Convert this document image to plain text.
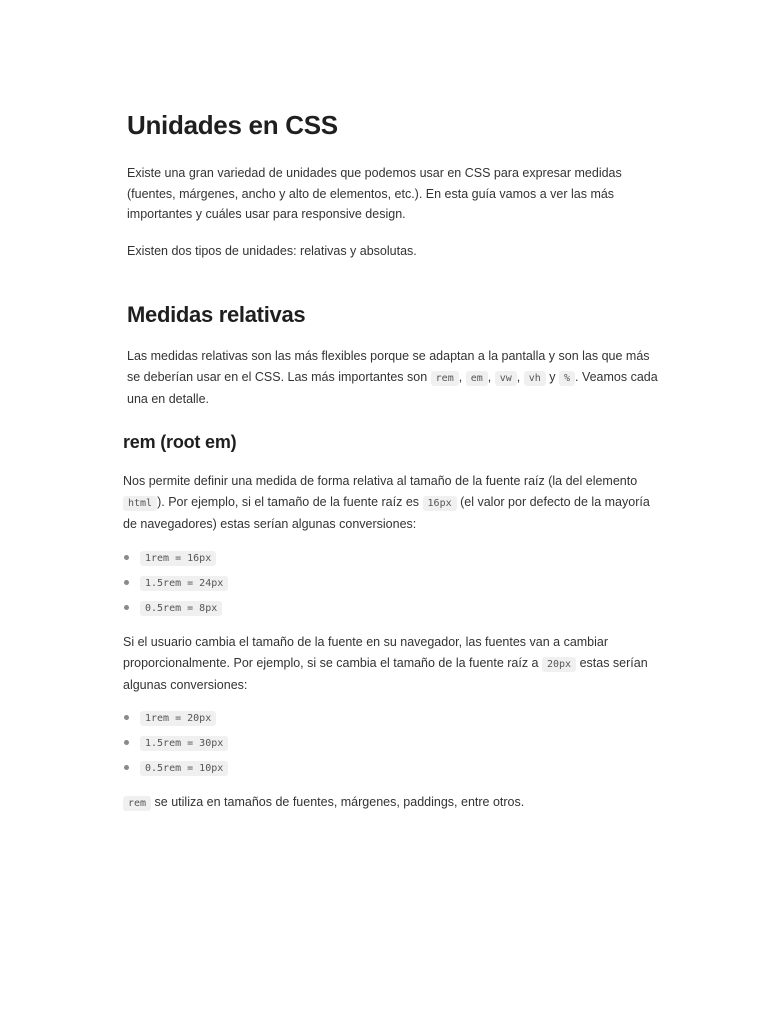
Unidades en CSS
Existe una gran variedad de unidades que podemos usar en CSS para expresar medidas
(fuentes, márgenes, ancho y alto de elementos, etc.). En esta guía vamos a ver las más
importantes y cuáles usar para responsive design.
Existen dos tipos de unidades: relativas y absolutas.
Medidas relativas
Las medidas relativas son las más flexibles porque se adaptan a la pantalla y son las que más
se deberían usar en el CSS. Las más importantes son rem , em , vw , vh y % . Veamos cada
una en detalle.
rem (root em)
Nos permite definir una medida de forma relativa al tamaño de la fuente raíz (la del elemento
html ). Por ejemplo, si el tamaño de la fuente raíz es 16px (el valor por defecto de la mayoría
de navegadores) estas serían algunas conversiones:
1rem = 16px
1.5rem = 24px
0.5rem = 8px
Si el usuario cambia el tamaño de la fuente en su navegador, las fuentes van a cambiar
proporcionalmente. Por ejemplo, si se cambia el tamaño de la fuente raíz a 20px estas serían
algunas conversiones:
1rem = 20px
1.5rem = 30px
0.5rem = 10px
rem se utiliza en tamaños de fuentes, márgenes, paddings, entre otros.
